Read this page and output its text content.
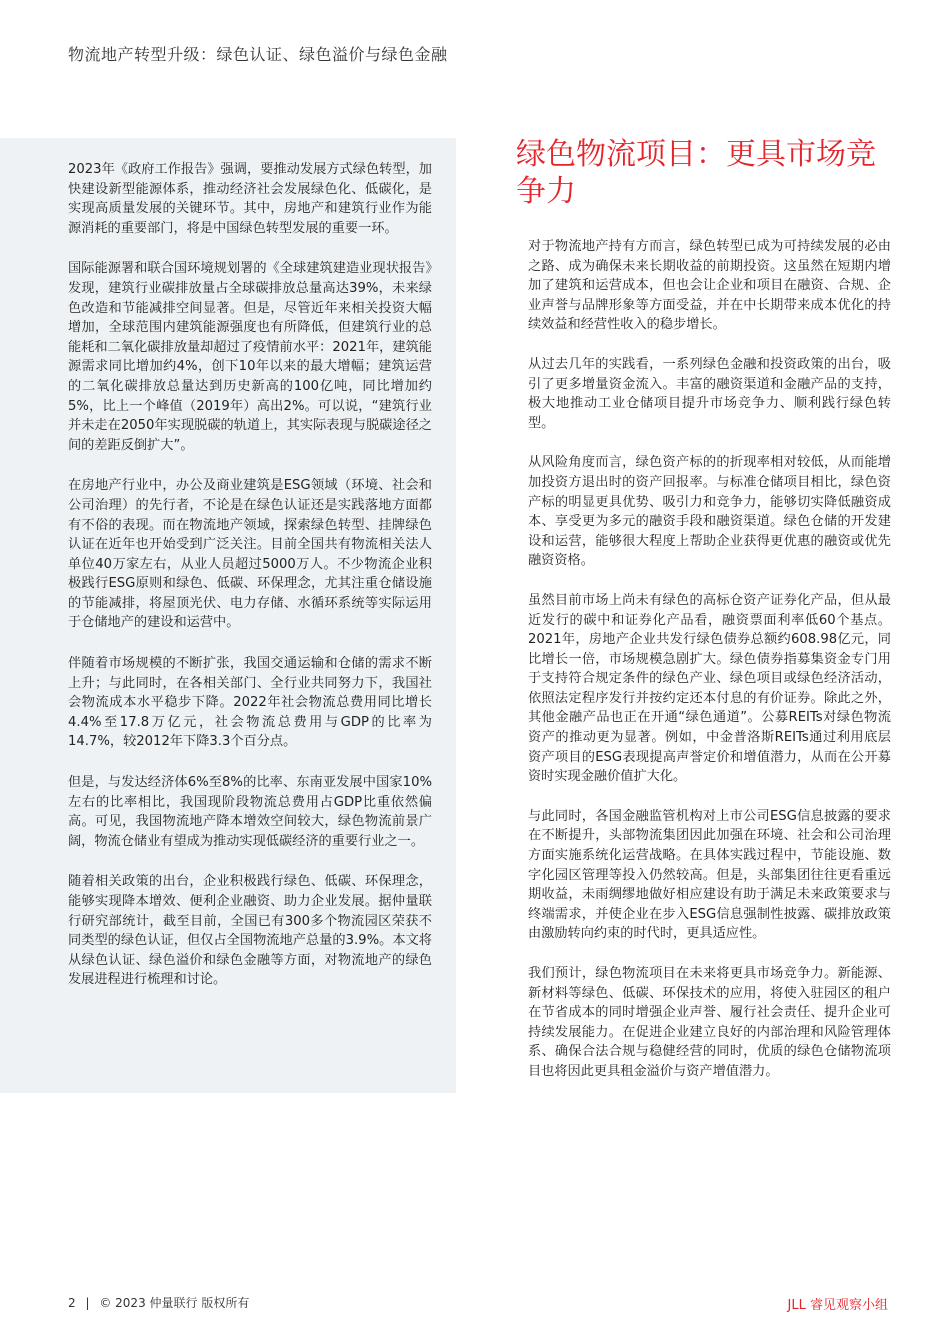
物流地产转型升级：绿色认证、绿色溢价与绿色金融

2023年《政府工作报告》强调，要推动发展方式绿色转型，加快建设新型能源体系，推动经济社会发展绿色化、低碳化，是实现高质量发展的关键环节。其中，房地产和建筑行业作为能源消耗的重要部门，将是中国绿色转型发展的重要一环。

国际能源署和联合国环境规划署的《全球建筑建造业现状报告》发现，建筑行业碳排放量占全球碳排放总量高达39%，未来绿色改造和节能减排空间显著。但是，尽管近年来相关投资大幅增加，全球范围内建筑能源强度也有所降低，但建筑行业的总能耗和二氧化碳排放量却超过了疫情前水平：2021年，建筑能源需求同比增加约4%，创下10年以来的最大增幅；建筑运营的二氧化碳排放总量达到历史新高的100亿吨，同比增加约5%，比上一个峰值（2019年）高出2%。可以说，“建筑行业并未走在2050年实现脱碳的轨道上，其实际表现与脱碳途径之间的差距反倒扩大”。

在房地产行业中，办公及商业建筑是ESG领域（环境、社会和公司治理）的先行者，不论是在绿色认证还是实践落地方面都有不俗的表现。而在物流地产领域，探索绿色转型、挂牌绿色认证在近年也开始受到广泛关注。目前全国共有物流相关法人单位40万家左右，从业人员超过5000万人。不少物流企业积极践行ESG原则和绿色、低碳、环保理念，尤其注重仓储设施的节能减排，将屋顶光伏、电力存储、水循环系统等实际运用于仓储地产的建设和运营中。

伴随着市场规模的不断扩张，我国交通运输和仓储的需求不断上升；与此同时，在各相关部门、全行业共同努力下，我国社会物流成本水平稳步下降。2022年社会物流总费用同比增长4.4%至17.8万亿元，社会物流总费用与GDP的比率为14.7%，较2012年下降3.3个百分点。

但是，与发达经济体6%至8%的比率、东南亚发展中国家10%左右的比率相比，我国现阶段物流总费用占GDP比重依然偏高。可见，我国物流地产降本增效空间较大，绿色物流前景广阔，物流仓储业有望成为推动实现低碳经济的重要行业之一。

随着相关政策的出台，企业积极践行绿色、低碳、环保理念，能够实现降本增效、便利企业融资、助力企业发展。据仲量联行研究部统计，截至目前，全国已有300多个物流园区荣获不同类型的绿色认证，但仅占全国物流地产总量的3.9%。本文将从绿色认证、绿色溢价和绿色金融等方面，对物流地产的绿色发展进程进行梳理和讨论。

绿色物流项目：更具市场竞争力

对于物流地产持有方而言，绿色转型已成为可持续发展的必由之路、成为确保未来长期收益的前期投资。这虽然在短期内增加了建筑和运营成本，但也会让企业和项目在融资、合规、企业声誉与品牌形象等方面受益，并在中长期带来成本优化的持续效益和经营性收入的稳步增长。

从过去几年的实践看，一系列绿色金融和投资政策的出台，吸引了更多增量资金流入。丰富的融资渠道和金融产品的支持，极大地推动工业仓储项目提升市场竞争力、顺利践行绿色转型。

从风险角度而言，绿色资产标的的折现率相对较低，从而能增加投资方退出时的资产回报率。与标准仓储项目相比，绿色资产标的明显更具优势、吸引力和竞争力，能够切实降低融资成本、享受更为多元的融资手段和融资渠道。绿色仓储的开发建设和运营，能够很大程度上帮助企业获得更优惠的融资或优先融资资格。

虽然目前市场上尚未有绿色的高标仓资产证券化产品，但从最近发行的碳中和证券化产品看，融资票面利率低60个基点。2021年，房地产企业共发行绿色债券总额约608.98亿元，同比增长一倍，市场规模急剧扩大。绿色债券指募集资金专门用于支持符合规定条件的绿色产业、绿色项目或绿色经济活动，依照法定程序发行并按约定还本付息的有价证券。除此之外，其他金融产品也正在开通“绿色通道”。公募REITs对绿色物流资产的推动更为显著。例如，中金普洛斯REITs通过利用底层资产项目的ESG表现提高声誉定价和增值潜力，从而在公开募资时实现金融价值扩大化。

与此同时，各国金融监管机构对上市公司ESG信息披露的要求在不断提升，头部物流集团因此加强在环境、社会和公司治理方面实施系统化运营战略。在具体实践过程中，节能设施、数字化园区管理等投入仍然较高。但是，头部集团往往更看重远期收益，未雨绸缪地做好相应建设有助于满足未来政策要求与终端需求，并使企业在步入ESG信息强制性披露、碳排放政策由激励转向约束的时代时，更具适应性。

我们预计，绿色物流项目在未来将更具市场竞争力。新能源、新材料等绿色、低碳、环保技术的应用，将使入驻园区的租户在节省成本的同时增强企业声誉、履行社会责任、提升企业可持续发展能力。在促进企业建立良好的内部治理和风险管理体系、确保合法合规与稳健经营的同时，优质的绿色仓储物流项目也将因此更具租金溢价与资产增值潜力。

2 | © 2023 仲量联行 版权所有	JLL 睿见观察小组
